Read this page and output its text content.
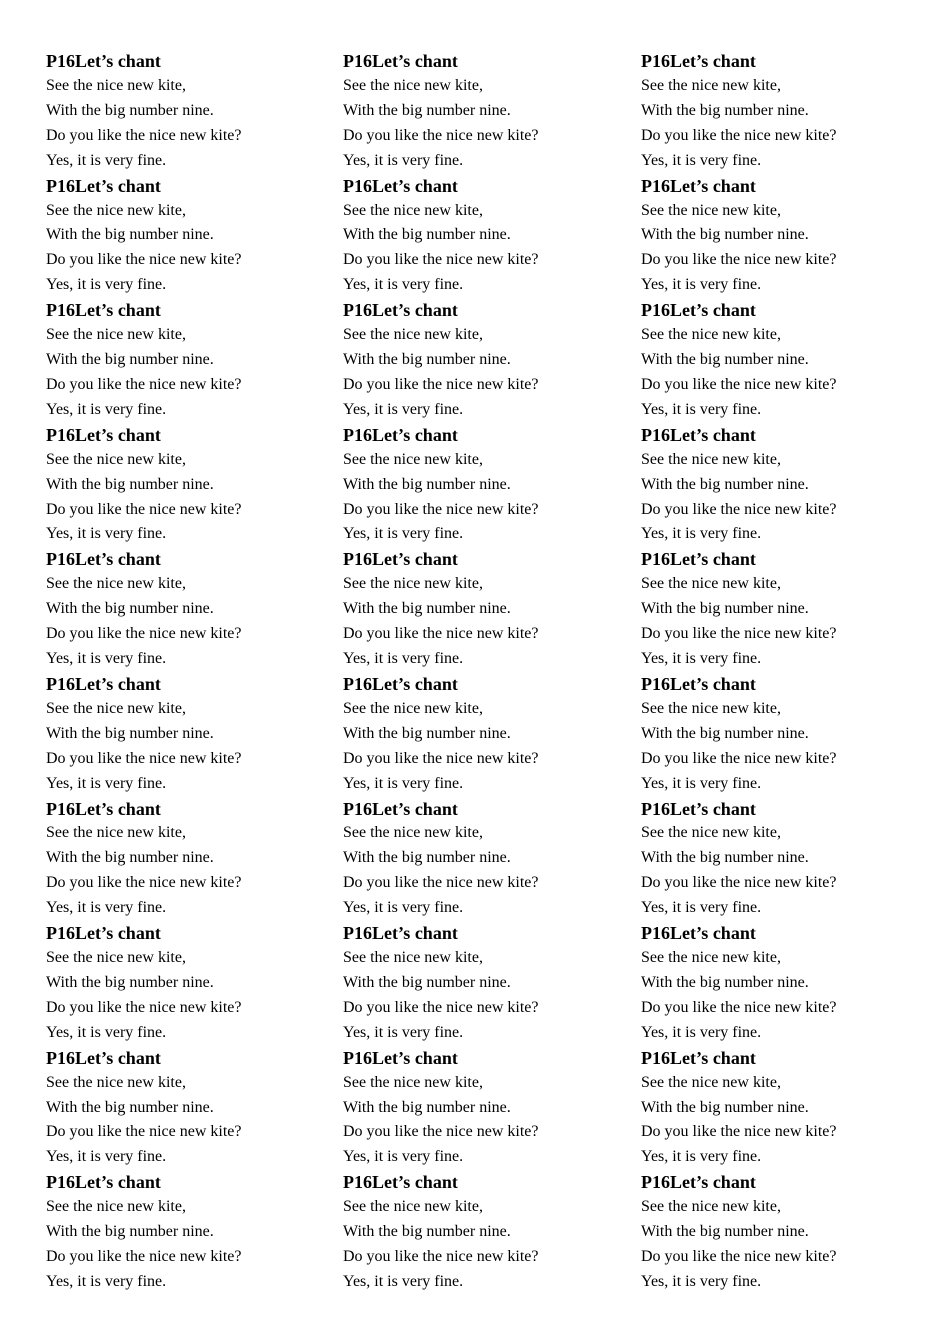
P16Let’s chant
See the nice new kite,
With the big number nine.
Do you like the nice new kite?
Yes, it is very fine.
P16Let’s chant
See the nice new kite,
With the big number nine.
Do you like the nice new kite?
Yes, it is very fine.
P16Let’s chant
See the nice new kite,
With the big number nine.
Do you like the nice new kite?
Yes, it is very fine.
P16Let’s chant
See the nice new kite,
With the big number nine.
Do you like the nice new kite?
Yes, it is very fine.
P16Let’s chant
See the nice new kite,
With the big number nine.
Do you like the nice new kite?
Yes, it is very fine.
P16Let’s chant
See the nice new kite,
With the big number nine.
Do you like the nice new kite?
Yes, it is very fine.
P16Let’s chant
See the nice new kite,
With the big number nine.
Do you like the nice new kite?
Yes, it is very fine.
P16Let’s chant
See the nice new kite,
With the big number nine.
Do you like the nice new kite?
Yes, it is very fine.
P16Let’s chant
See the nice new kite,
With the big number nine.
Do you like the nice new kite?
Yes, it is very fine.
P16Let’s chant
See the nice new kite,
With the big number nine.
Do you like the nice new kite?
Yes, it is very fine.
P16Let’s chant
See the nice new kite,
With the big number nine.
Do you like the nice new kite?
Yes, it is very fine.
P16Let’s chant
See the nice new kite,
With the big number nine.
Do you like the nice new kite?
Yes, it is very fine.
P16Let’s chant
See the nice new kite,
With the big number nine.
Do you like the nice new kite?
Yes, it is very fine.
P16Let’s chant
See the nice new kite,
With the big number nine.
Do you like the nice new kite?
Yes, it is very fine.
P16Let’s chant
See the nice new kite,
With the big number nine.
Do you like the nice new kite?
Yes, it is very fine.
P16Let’s chant
See the nice new kite,
With the big number nine.
Do you like the nice new kite?
Yes, it is very fine.
P16Let’s chant
See the nice new kite,
With the big number nine.
Do you like the nice new kite?
Yes, it is very fine.
P16Let’s chant
See the nice new kite,
With the big number nine.
Do you like the nice new kite?
Yes, it is very fine.
P16Let’s chant
See the nice new kite,
With the big number nine.
Do you like the nice new kite?
Yes, it is very fine.
P16Let’s chant
See the nice new kite,
With the big number nine.
Do you like the nice new kite?
Yes, it is very fine.
P16Let’s chant
See the nice new kite,
With the big number nine.
Do you like the nice new kite?
Yes, it is very fine.
P16Let’s chant
See the nice new kite,
With the big number nine.
Do you like the nice new kite?
Yes, it is very fine.
P16Let’s chant
See the nice new kite,
With the big number nine.
Do you like the nice new kite?
Yes, it is very fine.
P16Let’s chant
See the nice new kite,
With the big number nine.
Do you like the nice new kite?
Yes, it is very fine.
P16Let’s chant
See the nice new kite,
With the big number nine.
Do you like the nice new kite?
Yes, it is very fine.
P16Let’s chant
See the nice new kite,
With the big number nine.
Do you like the nice new kite?
Yes, it is very fine.
P16Let’s chant
See the nice new kite,
With the big number nine.
Do you like the nice new kite?
Yes, it is very fine.
P16Let’s chant
See the nice new kite,
With the big number nine.
Do you like the nice new kite?
Yes, it is very fine.
P16Let’s chant
See the nice new kite,
With the big number nine.
Do you like the nice new kite?
Yes, it is very fine.
P16Let’s chant
See the nice new kite,
With the big number nine.
Do you like the nice new kite?
Yes, it is very fine.
